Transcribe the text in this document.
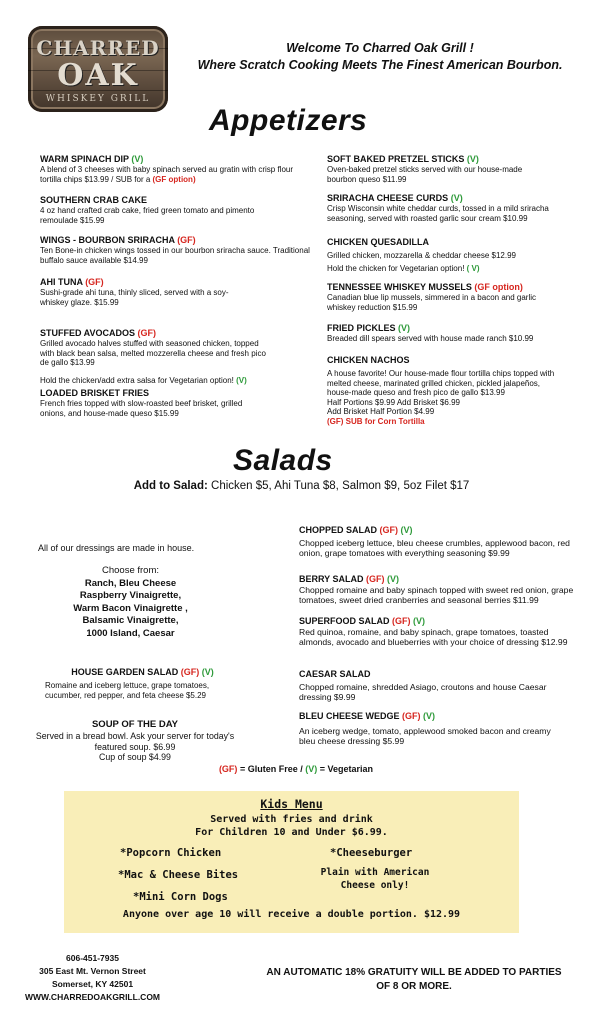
CHARRED
OAK
WHISKEY GRILL
Welcome To Charred Oak Grill !
Where Scratch Cooking Meets The Finest American Bourbon.
Appetizers
WARM SPINACH DIP (V)
A blend of 3 cheeses with baby spinach served au gratin with crisp flour tortilla chips $13.99 / SUB for a (GF option)
SOUTHERN CRAB CAKE
4 oz hand crafted crab cake, fried green tomato and pimento remoulade $15.99
WINGS - BOURBON SRIRACHA (GF)
Ten Bone-in chicken wings tossed in our bourbon sriracha sauce. Traditional buffalo sauce available $14.99
AHI TUNA (GF)
Sushi-grade ahi tuna, thinly sliced, served with a soy-whiskey glaze. $15.99
STUFFED AVOCADOS (GF)
Grilled avocado halves stuffed with seasoned chicken, topped with black bean salsa, melted mozzerella cheese and fresh pico de gallo $13.99
Hold the chicken/add extra salsa for Vegetarian option! (V)
LOADED BRISKET FRIES
French fries topped with slow-roasted beef brisket, grilled onions, and house-made queso $15.99
SOFT BAKED PRETZEL STICKS (V)
Oven-baked pretzel sticks served with our house-made bourbon queso $11.99
SRIRACHA CHEESE CURDS (V)
Crisp Wisconsin white cheddar curds, tossed in a mild sriracha seasoning, served with roasted garlic sour cream $10.99
CHICKEN QUESADILLA
Grilled chicken, mozzarella & cheddar cheese $12.99
Hold the chicken for Vegetarian option! ( V)
TENNESSEE WHISKEY MUSSELS (GF option)
Canadian blue lip mussels, simmered in a bacon and garlic whiskey reduction $15.99
FRIED PICKLES (V)
Breaded dill spears served with house made ranch $10.99
CHICKEN NACHOS
A house favorite! Our house-made flour tortilla chips topped with melted cheese, marinated grilled chicken, pickled jalapeños, house-made queso and fresh pico de gallo $13.99
Half Portions $9.99 Add Brisket $6.99
Add Brisket Half Portion $4.99
(GF) SUB for Corn Tortilla
Salads
Add to Salad: Chicken $5, Ahi Tuna $8, Salmon $9, 5oz Filet $17
All of our dressings are made in house.
Choose from:
Ranch, Bleu Cheese
Raspberry Vinaigrette,
Warm Bacon Vinaigrette ,
Balsamic Vinaigrette,
1000 Island, Caesar
HOUSE GARDEN SALAD (GF) (V)
Romaine and iceberg lettuce, grape tomatoes, cucumber, red pepper, and feta cheese $5.29
SOUP OF THE DAY
Served in a bread bowl. Ask your server for today's featured soup. $6.99
Cup of soup $4.99
CHOPPED SALAD (GF) (V)
Chopped iceberg lettuce, bleu cheese crumbles, applewood bacon, red onion, grape tomatoes with everything seasoning $9.99
BERRY SALAD (GF) (V)
Chopped romaine and baby spinach topped with sweet red onion, grape tomatoes, sweet dried cranberries and seasonal berries $11.99
SUPERFOOD SALAD (GF) (V)
Red quinoa, romaine, and baby spinach, grape tomatoes, toasted almonds, avocado and blueberries with your choice of dressing $12.99
CAESAR SALAD
Chopped romaine, shredded Asiago, croutons and house Caesar dressing $9.99
BLEU CHEESE WEDGE (GF) (V)
An iceberg wedge, tomato, applewood smoked bacon and creamy bleu cheese dressing $5.99
(GF) = Gluten Free / (V) = Vegetarian
Kids Menu
Served with fries and drink
For Children 10 and Under $6.99.
*Popcorn Chicken	*Cheeseburger
*Mac & Cheese Bites	Plain with American
Cheese only!
*Mini Corn Dogs
Anyone over age 10 will receive a double portion. $12.99
606-451-7935
305 East Mt. Vernon Street
Somerset, KY 42501
WWW.CHARREDOAKGRILL.COM
AN AUTOMATIC 18% GRATUITY WILL BE ADDED TO PARTIES
OF 8 OR MORE.
